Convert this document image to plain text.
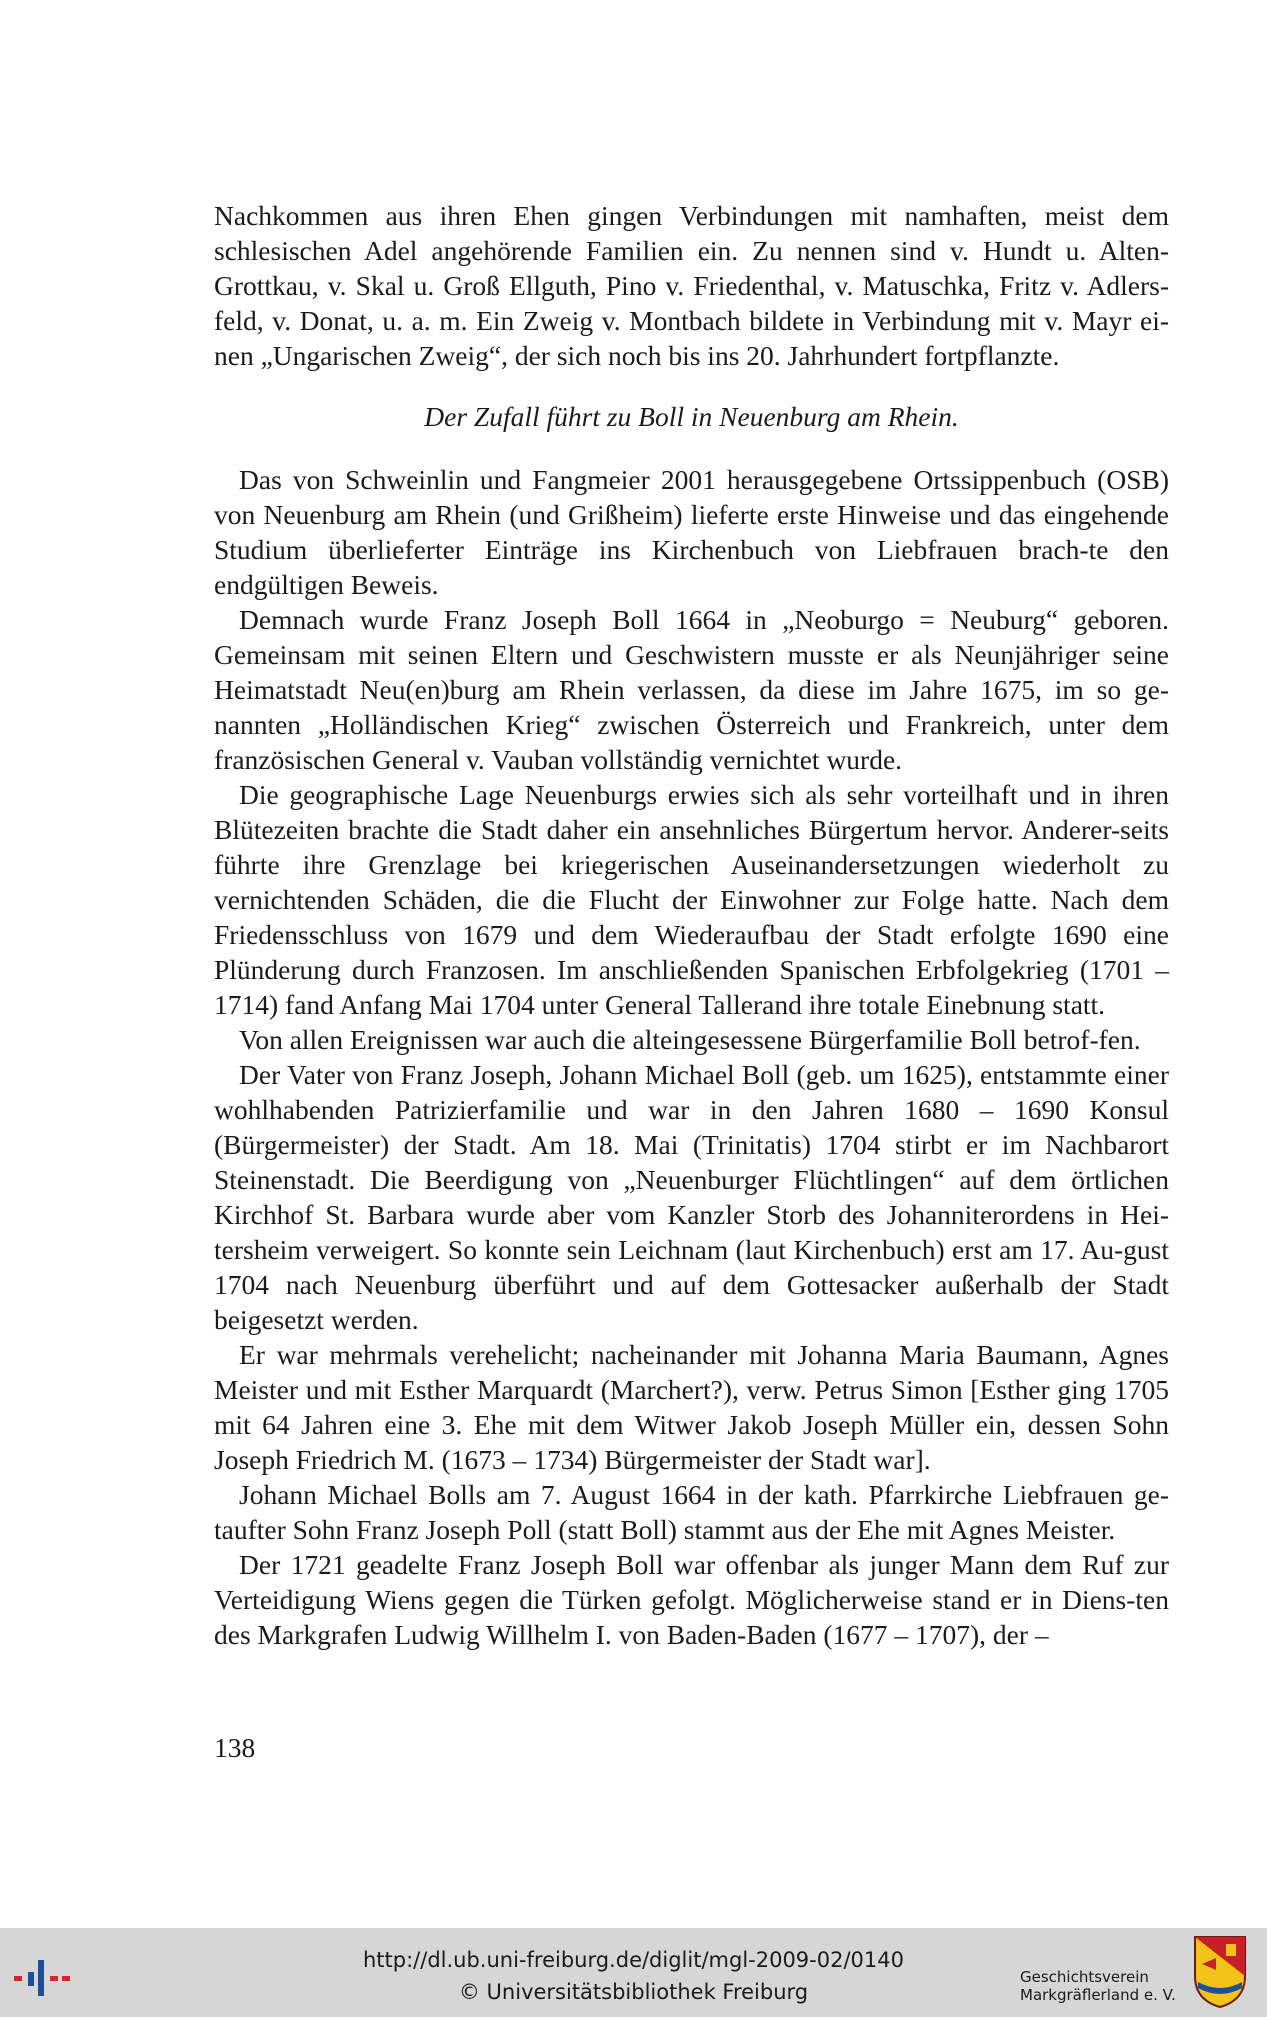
Nachkommen aus ihren Ehen gingen Verbindungen mit namhaften, meist dem schlesischen Adel angehörende Familien ein. Zu nennen sind v. Hundt u. Alten-Grottkau, v. Skal u. Groß Ellguth, Pino v. Friedenthal, v. Matuschka, Fritz v. Adlers-feld, v. Donat, u. a. m. Ein Zweig v. Montbach bildete in Verbindung mit v. Mayr ei-nen „Ungarischen Zweig“, der sich noch bis ins 20. Jahrhundert fortpflanzte.

Der Zufall führt zu Boll in Neuenburg am Rhein.

Das von Schweinlin und Fangmeier 2001 herausgegebene Ortssippenbuch (OSB) von Neuenburg am Rhein (und Grißheim) lieferte erste Hinweise und das eingehende Studium überlieferter Einträge ins Kirchenbuch von Liebfrauen brach-te den endgültigen Beweis.

Demnach wurde Franz Joseph Boll 1664 in „Neoburgo = Neuburg“ geboren. Gemeinsam mit seinen Eltern und Geschwistern musste er als Neunjähriger seine Heimatstadt Neu(en)burg am Rhein verlassen, da diese im Jahre 1675, im so ge-nannten „Holländischen Krieg“ zwischen Österreich und Frankreich, unter dem französischen General v. Vauban vollständig vernichtet wurde.

Die geographische Lage Neuenburgs erwies sich als sehr vorteilhaft und in ihren Blütezeiten brachte die Stadt daher ein ansehnliches Bürgertum hervor. Anderer-seits führte ihre Grenzlage bei kriegerischen Auseinandersetzungen wiederholt zu vernichtenden Schäden, die die Flucht der Einwohner zur Folge hatte. Nach dem Friedensschluss von 1679 und dem Wiederaufbau der Stadt erfolgte 1690 eine Plünderung durch Franzosen. Im anschließenden Spanischen Erbfolgekrieg (1701 – 1714) fand Anfang Mai 1704 unter General Tallerand ihre totale Einebnung statt.

Von allen Ereignissen war auch die alteingesessene Bürgerfamilie Boll betrof-fen.

Der Vater von Franz Joseph, Johann Michael Boll (geb. um 1625), entstammte einer wohlhabenden Patrizierfamilie und war in den Jahren 1680 – 1690 Konsul (Bürgermeister) der Stadt. Am 18. Mai (Trinitatis) 1704 stirbt er im Nachbarort Steinenstadt. Die Beerdigung von „Neuenburger Flüchtlingen“ auf dem örtlichen Kirchhof St. Barbara wurde aber vom Kanzler Storb des Johanniterordens in Hei-tersheim verweigert. So konnte sein Leichnam (laut Kirchenbuch) erst am 17. Au-gust 1704 nach Neuenburg überführt und auf dem Gottesacker außerhalb der Stadt beigesetzt werden.

Er war mehrmals verehelicht; nacheinander mit Johanna Maria Baumann, Agnes Meister und mit Esther Marquardt (Marchert?), verw. Petrus Simon [Esther ging 1705 mit 64 Jahren eine 3. Ehe mit dem Witwer Jakob Joseph Müller ein, dessen Sohn Joseph Friedrich M. (1673 – 1734) Bürgermeister der Stadt war].

Johann Michael Bolls am 7. August 1664 in der kath. Pfarrkirche Liebfrauen ge-taufter Sohn Franz Joseph Poll (statt Boll) stammt aus der Ehe mit Agnes Meister.

Der 1721 geadelte Franz Joseph Boll war offenbar als junger Mann dem Ruf zur Verteidigung Wiens gegen die Türken gefolgt. Möglicherweise stand er in Diens-ten des Markgrafen Ludwig Willhelm I. von Baden-Baden (1677 – 1707), der –

138
http://dl.ub.uni-freiburg.de/diglit/mgl-2009-02/0140
© Universitätsbibliothek Freiburg
Geschichtsverein
Markgräflerland e. V.
